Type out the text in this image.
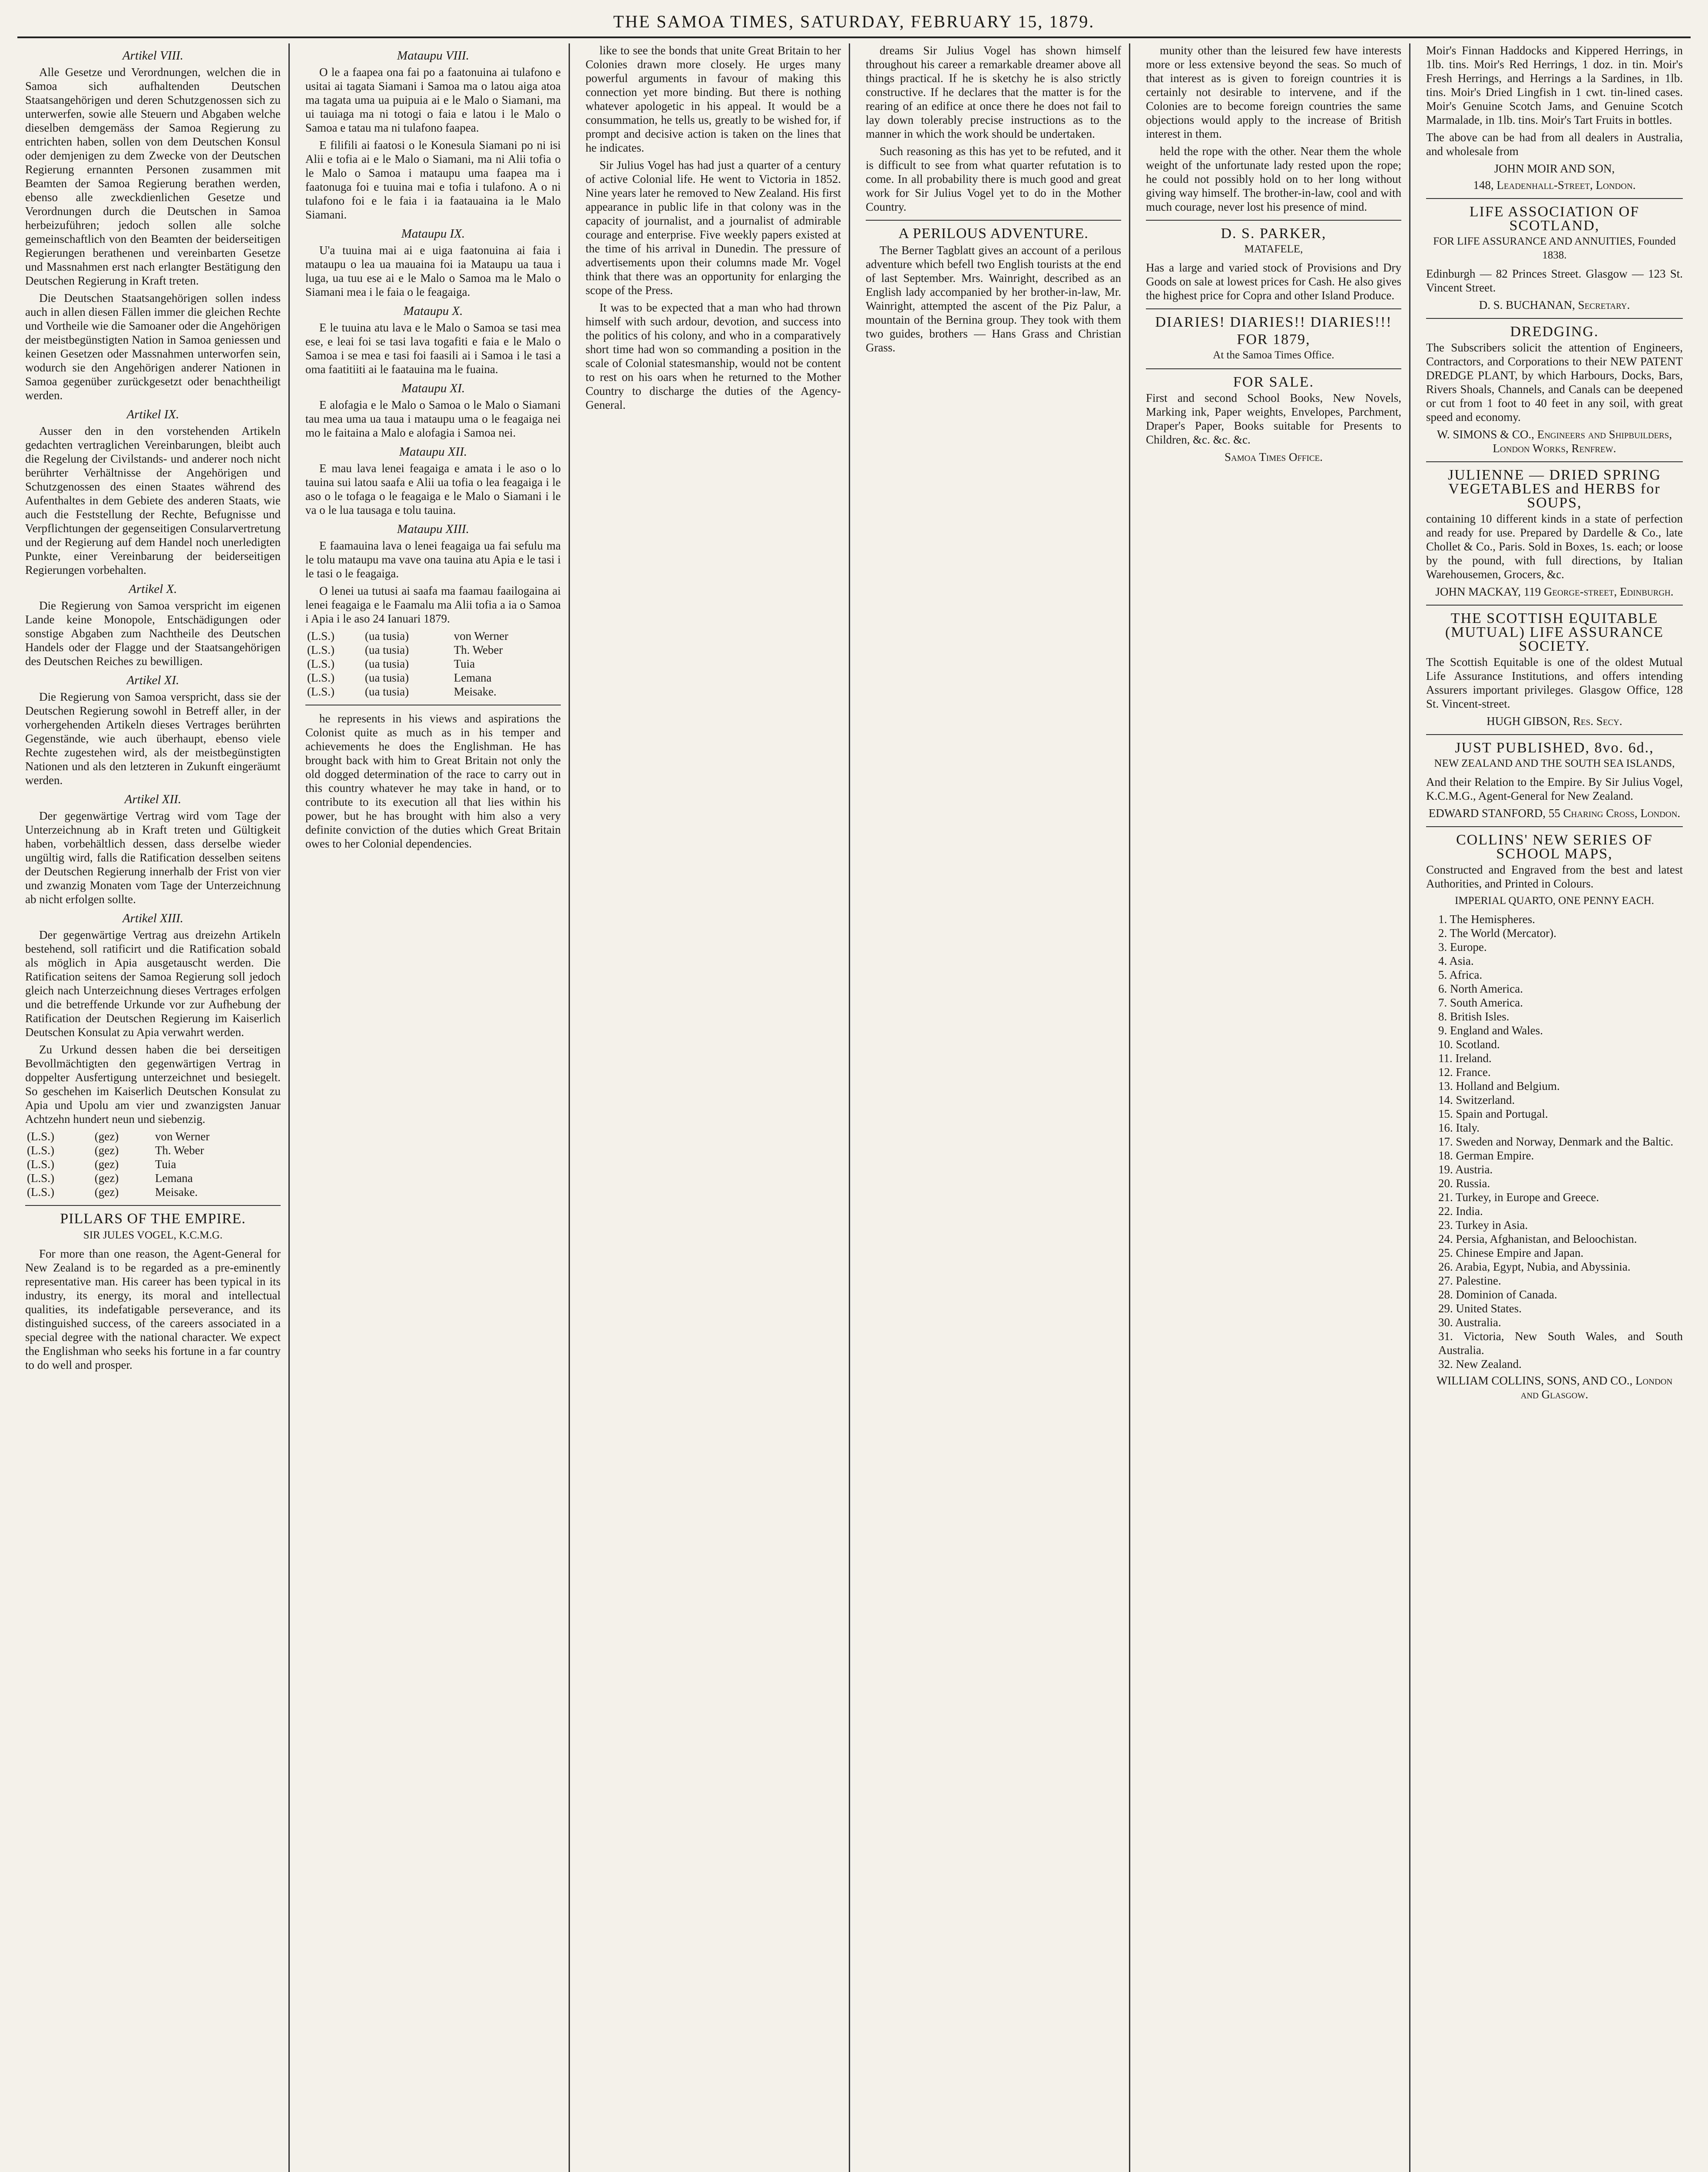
THE SAMOA TIMES, SATURDAY, FEBRUARY 15, 1879.
Artikel VIII.

Alle Gesetze und Verordnungen, welchen die in Samoa sich aufhaltenden Deutschen Staatsangehörigen und deren Schutzgenossen sich zu unterwerfen, sowie alle Steuern und Abgaben welche dieselben demgemäss der Samoa Regierung zu entrichten haben, sollen von dem Deutschen Konsul oder demjenigen zu dem Zwecke von der Deutschen Regierung ernannten Personen zusammen mit Beamten der Samoa Regierung berathen werden, ebenso alle zweckdienlichen Gesetze und Verordnungen durch die Deutschen in Samoa herbeizuführen; jedoch sollen alle solche gemeinschaftlich von den Beamten der beiderseitigen Regierungen berathenen und vereinbarten Gesetze und Massnahmen erst nach erlangter Bestätigung den Deutschen Regierung in Kraft treten.

Die Deutschen Staatsangehörigen sollen indess auch in allen diesen Fällen immer die gleichen Rechte und Vortheile wie die Samoaner oder die Angehörigen der meistbegünstigten Nation in Samoa geniessen und keinen Gesetzen oder Massnahmen unterworfen sein, wodurch sie den Angehörigen anderer Nationen in Samoa gegenüber zurückgesetzt oder benachtheiligt werden.

Artikel IX.

Ausser den in den vorstehenden Artikeln gedachten vertraglichen Vereinbarungen, bleibt auch die Regelung der Civilstands- und anderer noch nicht berührter Verhältnisse der Angehörigen und Schutzgenossen des einen Staates während des Aufenthaltes in dem Gebiete des anderen Staats, wie auch die Feststellung der Rechte, Befugnisse und Verpflichtungen der gegenseitigen Consularvertretung und der Regierung auf dem Handel noch unerledigten Punkte, einer Vereinbarung der beiderseitigen Regierungen vorbehalten.

Artikel X.

Die Regierung von Samoa verspricht im eigenen Lande keine Monopole, Entschädigungen oder sonstige Abgaben zum Nachtheile des Deutschen Handels oder der Flagge und der Staatsangehörigen des Deutschen Reiches zu bewilligen.

Artikel XI.

Die Regierung von Samoa verspricht, dass sie der Deutschen Regierung sowohl in Betreff aller, in der vorhergehenden Artikeln dieses Vertrages berührten Gegenstände, wie auch überhaupt, ebenso viele Rechte zugestehen wird, als der meistbegünstigten Nationen und als den letzteren in Zukunft eingeräumt werden.

Artikel XII.

Der gegenwärtige Vertrag wird vom Tage der Unterzeichnung ab in Kraft treten und Gültigkeit haben, vorbehältlich dessen, dass derselbe wieder ungültig wird, falls die Ratification desselben seitens der Deutschen Regierung innerhalb der Frist von vier und zwanzig Monaten vom Tage der Unterzeichnung ab nicht erfolgen sollte.

Artikel XIII.

Der gegenwärtige Vertrag aus dreizehn Artikeln bestehend, soll ratificirt und die Ratification sobald als möglich in Apia ausgetauscht werden. Die Ratification seitens der Samoa Regierung soll jedoch gleich nach Unterzeichnung dieses Vertrages erfolgen und die betreffende Urkunde vor zur Aufhebung der Ratification der Deutschen Regierung im Kaiserlich Deutschen Konsulat zu Apia verwahrt werden.

Zu Urkund dessen haben die bei derseitigen Bevollmächtigten den gegenwärtigen Vertrag in doppelter Ausfertigung unterzeichnet und besiegelt. So geschehen im Kaiserlich Deutschen Konsulat zu Apia und Upolu am vier und zwanzigsten Januar Achtzehn hundert neun und siebenzig.

(L.S.)	(gez)	von Werner
(L.S.)	(gez)	Th. Weber
(L.S.)	(gez)	Tuia
(L.S.)	(gez)	Lemana
(L.S.)	(gez)	Meisake.
PILLARS OF THE EMPIRE.
SIR JULES VOGEL, K.C.M.G.

For more than one reason, the Agent-General for New Zealand is to be regarded as a pre-eminently representative man. His career has been typical in its industry, its energy, its moral and intellectual qualities, its indefatigable perseverance, and its distinguished success, of the careers associated in a special degree with the national character. We expect the Englishman who seeks his fortune in a far country to do well and prosper.

Mataupu VIII.

O le a faapea ona fai po a faatonuina ai tulafono e usitai ai tagata Siamani i Samoa ma o latou aiga atoa ma tagata uma ua puipuia ai e le Malo o Siamani, ma ui tauiaga ma ni totogi o faia e latou i le Malo o Samoa e tatau ma ni tulafono faapea.

E filifili ai faatosi o le Konesula Siamani po ni isi Alii e tofia ai e le Malo o Siamani, ma ni Alii tofia o le Malo o Samoa i mataupu uma faapea ma i faatonuga foi e tuuina mai e tofia i tulafono. A o ni tulafono foi e le faia i ia faatauaina ia le Malo Siamani.

Mataupu IX.

U'a tuuina mai ai e uiga faatonuina ai faia i mataupu o lea ua mauaina foi ia Mataupu ua taua i luga, ua tuu ese ai e le Malo o Samoa ma le Malo o Siamani mea i le faia o le feagaiga.

Mataupu X.

E le tuuina atu lava e le Malo o Samoa se tasi mea ese, e leai foi se tasi lava togafiti e faia e le Malo o Samoa i se mea e tasi foi faasili ai i Samoa i le tasi a oma faatitiiti ai le faatauina ma le fuaina.

Mataupu XI.

E alofagia e le Malo o Samoa o le Malo o Siamani tau mea uma ua taua i mataupu uma o le feagaiga nei mo le faitaina a Malo e alofagia i Samoa nei.

Mataupu XII.

E mau lava lenei feagaiga e amata i le aso o lo tauina sui latou saafa e Alii ua tofia o lea feagaiga i le aso o le tofaga o le feagaiga e le Malo o Siamani i le va o le lua tausaga e tolu tauina.

Mataupu XIII.

E faamauina lava o lenei feagaiga ua fai sefulu ma le tolu mataupu ma vave ona tauina atu Apia e le tasi i le tasi o le feagaiga.

O lenei ua tutusi ai saafa ma faamau faailogaina ai lenei feagaiga e le Faamalu ma Alii tofia a ia o Samoa i Apia i le aso 24 Ianuari 1879.

(L.S.)	(ua tusia)	von Werner
(L.S.)	(ua tusia)	Th. Weber
(L.S.)	(ua tusia)	Tuia
(L.S.)	(ua tusia)	Lemana
(L.S.)	(ua tusia)	Meisake.

he represents in his views and aspirations the Colonist quite as much as in his temper and achievements he does the Englishman. He has brought back with him to Great Britain not only the old dogged determination of the race to carry out in this country whatever he may take in hand, or to contribute to its execution all that lies within his power, but he has brought with him also a very definite conviction of the duties which Great Britain owes to her Colonial dependencies.

like to see the bonds that unite Great Britain to her Colonies drawn more closely. He urges many powerful arguments in favour of making this connection yet more binding. But there is nothing whatever apologetic in his appeal. It would be a consummation, he tells us, greatly to be wished for, if prompt and decisive action is taken on the lines that he indicates.

Sir Julius Vogel has had just a quarter of a century of active Colonial life. He went to Victoria in 1852. Nine years later he removed to New Zealand. His first appearance in public life in that colony was in the capacity of journalist, and a journalist of admirable courage and enterprise. Five weekly papers existed at the time of his arrival in Dunedin. The pressure of advertisements upon their columns made Mr. Vogel think that there was an opportunity for enlarging the scope of the Press.

It was to be expected that a man who had thrown himself with such ardour, devotion, and success into the politics of his colony, and who in a comparatively short time had won so commanding a position in the scale of Colonial statesmanship, would not be content to rest on his oars when he returned to the Mother Country to discharge the duties of the Agency-General.

dreams Sir Julius Vogel has shown himself throughout his career a remarkable dreamer above all things practical. If he is sketchy he is also strictly constructive. If he declares that the matter is for the rearing of an edifice at once there he does not fail to lay down tolerably precise instructions as to the manner in which the work should be undertaken.

Such reasoning as this has yet to be refuted, and it is difficult to see from what quarter refutation is to come. In all probability there is much good and great work for Sir Julius Vogel yet to do in the Mother Country.

A PERILOUS ADVENTURE.

The Berner Tagblatt gives an account of a perilous adventure which befell two English tourists at the end of last September. Mrs. Wainright, described as an English lady accompanied by her brother-in-law, Mr. Wainright, attempted the ascent of the Piz Palur, a mountain of the Bernina group. They took with them two guides, brothers — Hans Grass and Christian Grass.

munity other than the leisured few have interests more or less extensive beyond the seas. So much of that interest as is given to foreign countries it is certainly not desirable to intervene, and if the Colonies are to become foreign countries the same objections would apply to the increase of British interest in them.

held the rope with the other. Near them the whole weight of the unfortunate lady rested upon the rope; he could not possibly hold on to her long without giving way himself. The brother-in-law, cool and with much courage, never lost his presence of mind.

D. S. PARKER,
MATAFELE,

Has a large and varied stock of Provisions and Dry Goods on sale at lowest prices for Cash. He also gives the highest price for Copra and other Island Produce.

DIARIES! DIARIES!! DIARIES!!!
FOR 1879,
At the Samoa Times Office.
FOR SALE.

First and second School Books, New Novels, Marking ink, Paper weights, Envelopes, Parchment, Draper's Paper, Books suitable for Presents to Children, &c. &c. &c.

Samoa Times Office.

Moir's Finnan Haddocks and Kippered Herrings, in 1lb. tins. Moir's Red Herrings, 1 doz. in tin. Moir's Fresh Herrings, and Herrings a la Sardines, in 1lb. tins. Moir's Dried Lingfish in 1 cwt. tin-lined cases. Moir's Genuine Scotch Jams, and Genuine Scotch Marmalade, in 1lb. tins. Moir's Tart Fruits in bottles.

The above can be had from all dealers in Australia, and wholesale from

JOHN MOIR AND SON,
148, Leadenhall-Street, London.
LIFE ASSOCIATION OF SCOTLAND,
FOR LIFE ASSURANCE AND ANNUITIES, Founded 1838.

Edinburgh — 82 Princes Street. Glasgow — 123 St. Vincent Street.

D. S. BUCHANAN, Secretary.
DREDGING.

The Subscribers solicit the attention of Engineers, Contractors, and Corporations to their NEW PATENT DREDGE PLANT, by which Harbours, Docks, Bars, Rivers Shoals, Channels, and Canals can be deepened or cut from 1 foot to 40 feet in any soil, with great speed and economy.

W. SIMONS & CO., Engineers and Shipbuilders, London Works, Renfrew.
JULIENNE — DRIED SPRING VEGETABLES and HERBS for SOUPS,

containing 10 different kinds in a state of perfection and ready for use. Prepared by Dardelle & Co., late Chollet & Co., Paris. Sold in Boxes, 1s. each; or loose by the pound, with full directions, by Italian Warehousemen, Grocers, &c.

JOHN MACKAY, 119 George-street, Edinburgh.
THE SCOTTISH EQUITABLE (MUTUAL) LIFE ASSURANCE SOCIETY.

The Scottish Equitable is one of the oldest Mutual Life Assurance Institutions, and offers intending Assurers important privileges. Glasgow Office, 128 St. Vincent-street.

HUGH GIBSON, Res. Secy.
JUST PUBLISHED, 8vo. 6d.,
NEW ZEALAND AND THE SOUTH SEA ISLANDS,

And their Relation to the Empire. By Sir Julius Vogel, K.C.M.G., Agent-General for New Zealand.

EDWARD STANFORD, 55 Charing Cross, London.
COLLINS' NEW SERIES OF SCHOOL MAPS,

Constructed and Engraved from the best and latest Authorities, and Printed in Colours.

IMPERIAL QUARTO, ONE PENNY EACH.
1. The Hemispheres.
2. The World (Mercator).
3. Europe.
4. Asia.
5. Africa.
6. North America.
7. South America.
8. British Isles.
9. England and Wales.
10. Scotland.
11. Ireland.
12. France.
13. Holland and Belgium.
14. Switzerland.
15. Spain and Portugal.
16. Italy.
17. Sweden and Norway, Denmark and the Baltic.
18. German Empire.
19. Austria.
20. Russia.
21. Turkey, in Europe and Greece.
22. India.
23. Turkey in Asia.
24. Persia, Afghanistan, and Beloochistan.
25. Chinese Empire and Japan.
26. Arabia, Egypt, Nubia, and Abyssinia.
27. Palestine.
28. Dominion of Canada.
29. United States.
30. Australia.
31. Victoria, New South Wales, and South Australia.
32. New Zealand.
WILLIAM COLLINS, SONS, AND CO., London and Glasgow.
